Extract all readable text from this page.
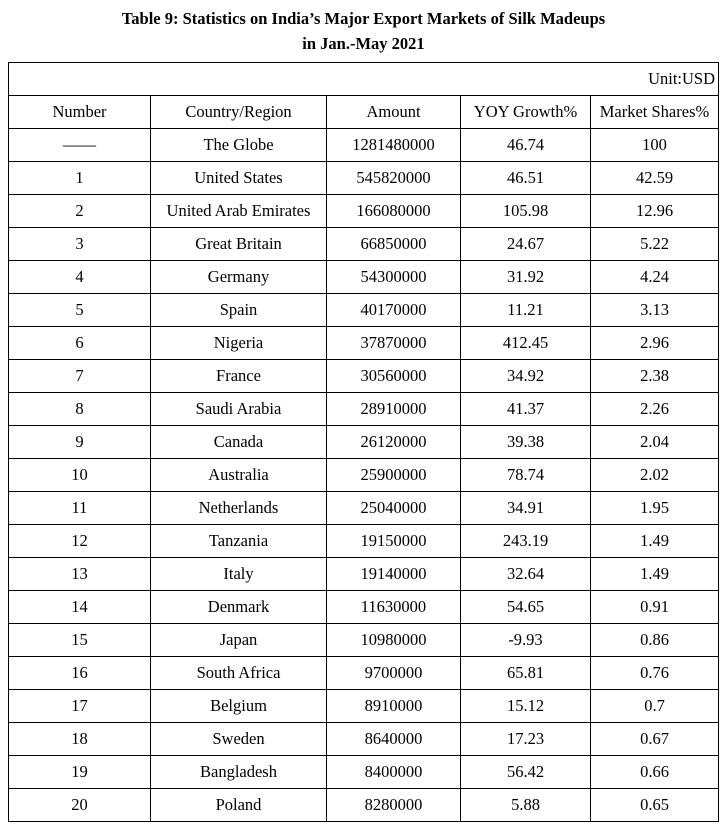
Table 9: Statistics on India’s Major Export Markets of Silk Madeups
in Jan.-May 2021
Unit:USD				
Number	Country/Region	Amount	YOY Growth%	Market Shares%
——	The Globe	1281480000	46.74	100
1	United States	545820000	46.51	42.59
2	United Arab Emirates	166080000	105.98	12.96
3	Great Britain	66850000	24.67	5.22
4	Germany	54300000	31.92	4.24
5	Spain	40170000	11.21	3.13
6	Nigeria	37870000	412.45	2.96
7	France	30560000	34.92	2.38
8	Saudi Arabia	28910000	41.37	2.26
9	Canada	26120000	39.38	2.04
10	Australia	25900000	78.74	2.02
11	Netherlands	25040000	34.91	1.95
12	Tanzania	19150000	243.19	1.49
13	Italy	19140000	32.64	1.49
14	Denmark	11630000	54.65	0.91
15	Japan	10980000	-9.93	0.86
16	South Africa	9700000	65.81	0.76
17	Belgium	8910000	15.12	0.7
18	Sweden	8640000	17.23	0.67
19	Bangladesh	8400000	56.42	0.66
20	Poland	8280000	5.88	0.65
